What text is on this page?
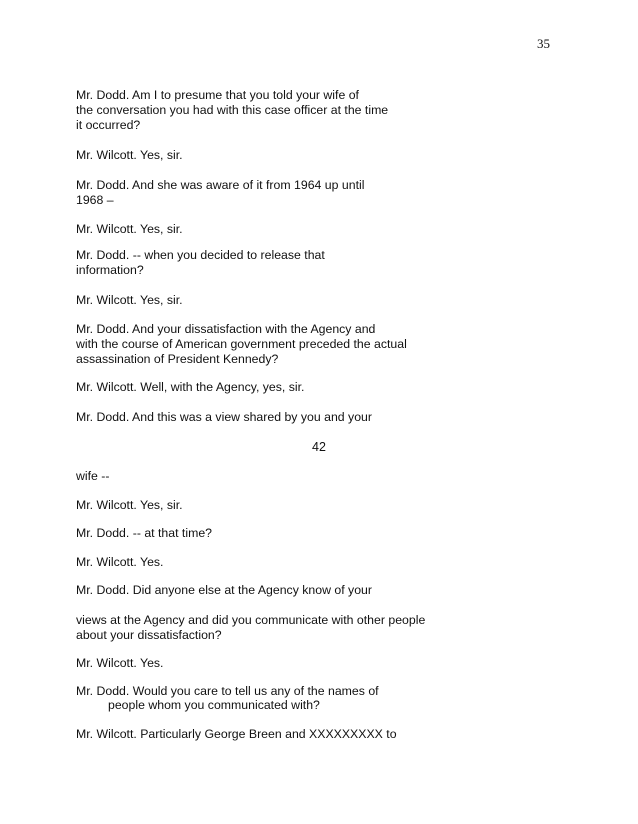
35

Mr. Dodd. Am I to presume that you told your wife of
the conversation you had with this case officer at the time
it occurred?

Mr. Wilcott. Yes, sir.

Mr. Dodd. And she was aware of it from 1964 up until
1968 –

Mr. Wilcott. Yes, sir.

Mr. Dodd. -- when you decided to release that
information?

Mr. Wilcott. Yes, sir.

Mr. Dodd. And your dissatisfaction with the Agency and
with the course of American government preceded the actual
assassination of President Kennedy?

Mr. Wilcott. Well, with the Agency, yes, sir.

Mr. Dodd. And this was a view shared by you and your

42

wife --

Mr. Wilcott. Yes, sir.

Mr. Dodd. -- at that time?

Mr. Wilcott. Yes.

Mr. Dodd. Did anyone else at the Agency know of your

views at the Agency and did you communicate with other people
about your dissatisfaction?

Mr. Wilcott. Yes.

Mr. Dodd. Would you care to tell us any of the names of

people whom you communicated with?

Mr. Wilcott. Particularly George Breen and XXXXXXXXX to
